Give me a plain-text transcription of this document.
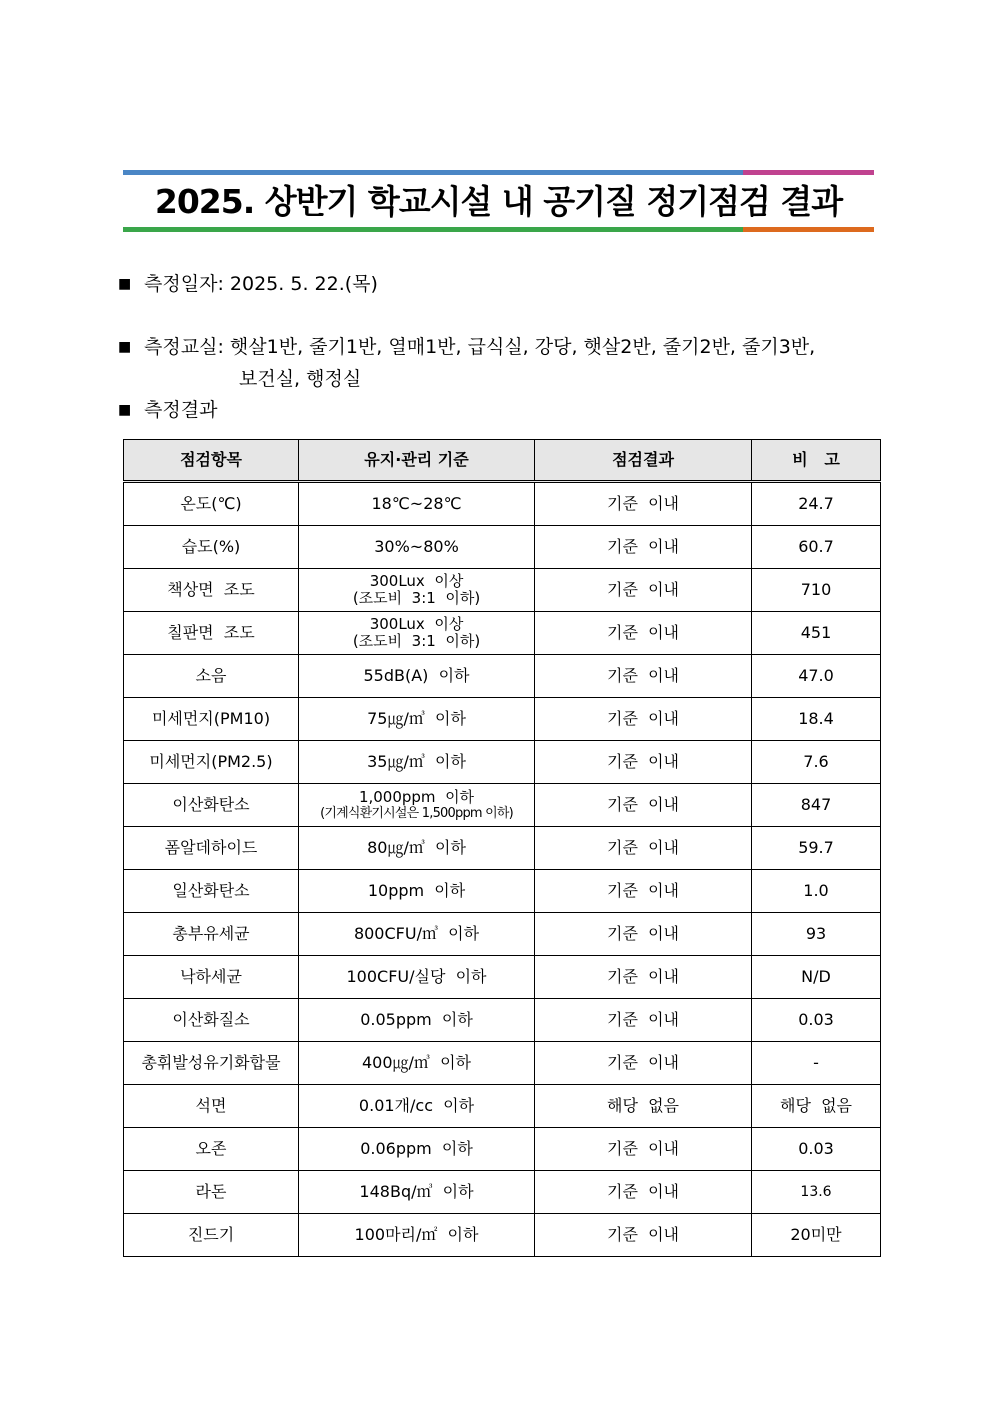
2025. 상반기 학교시설 내 공기질 정기점검 결과
■ 측정일자: 2025. 5. 22.(목)
■ 측정교실: 햇살1반, 줄기1반, 열매1반, 급식실, 강당, 햇살2반, 줄기2반, 줄기3반,
보건실, 행정실
■ 측정결과
점검항목	유지·관리 기준	점검결과	비   고
온도(℃)	18℃~28℃	기준  이내	24.7
습도(%)	30%~80%	기준  이내	60.7
책상면  조도	300Lux  이상
(조도비  3:1  이하)	기준  이내	710
칠판면  조도	300Lux  이상
(조도비  3:1  이하)	기준  이내	451
소음	55dB(A)  이하	기준  이내	47.0
미세먼지(PM10)	75㎍/㎥  이하	기준  이내	18.4
미세먼지(PM2.5)	35㎍/㎥  이하	기준  이내	7.6
이산화탄소	1,000ppm  이하
(기계식환기시설은 1,500ppm 이하)	기준  이내	847
폼알데하이드	80㎍/㎥  이하	기준  이내	59.7
일산화탄소	10ppm  이하	기준  이내	1.0
총부유세균	800CFU/㎥  이하	기준  이내	93
낙하세균	100CFU/실당  이하	기준  이내	N/D
이산화질소	0.05ppm  이하	기준  이내	0.03
총휘발성유기화합물	400㎍/㎥  이하	기준  이내	-
석면	0.01개/cc  이하	해당  없음	해당  없음
오존	0.06ppm  이하	기준  이내	0.03
라돈	148Bq/㎥  이하	기준  이내	13.6
진드기	100마리/㎡  이하	기준  이내	20미만
